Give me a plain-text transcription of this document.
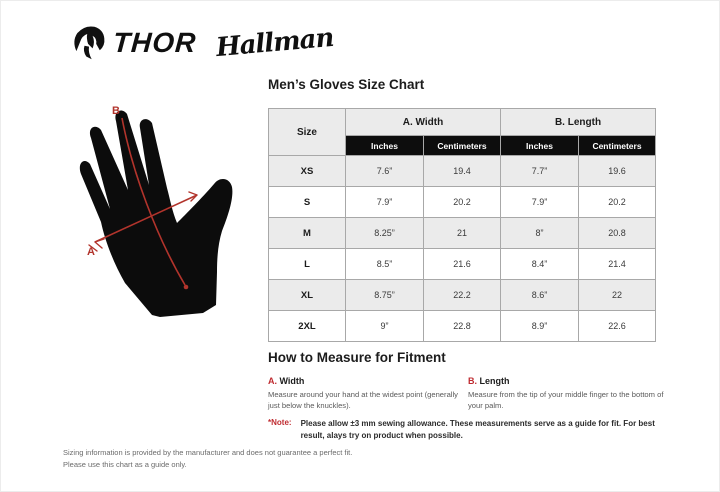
THOR Hallman
B
A
Men’s Gloves Size Chart
Size	A. Width		B. Length	
	Inches	Centimeters	Inches	Centimeters
XS	7.6”	19.4	7.7”	19.6
S	7.9”	20.2	7.9”	20.2
M	8.25”	21	8”	20.8
L	8.5”	21.6	8.4”	21.4
XL	8.75”	22.2	8.6”	22
2XL	9”	22.8	8.9”	22.6
How to Measure for Fitment
A. Width
Measure around your hand at the widest point (generally just below the knuckles).
B. Length
Measure from the tip of your middle finger to the bottom of your palm.
*Note: Please allow ±3 mm sewing allowance. These measurements serve as a guide for fit. For best result, alays try on product when possible.
Sizing information is provided by the manufacturer and does not guarantee a perfect fit.
Please use this chart as a guide only.
